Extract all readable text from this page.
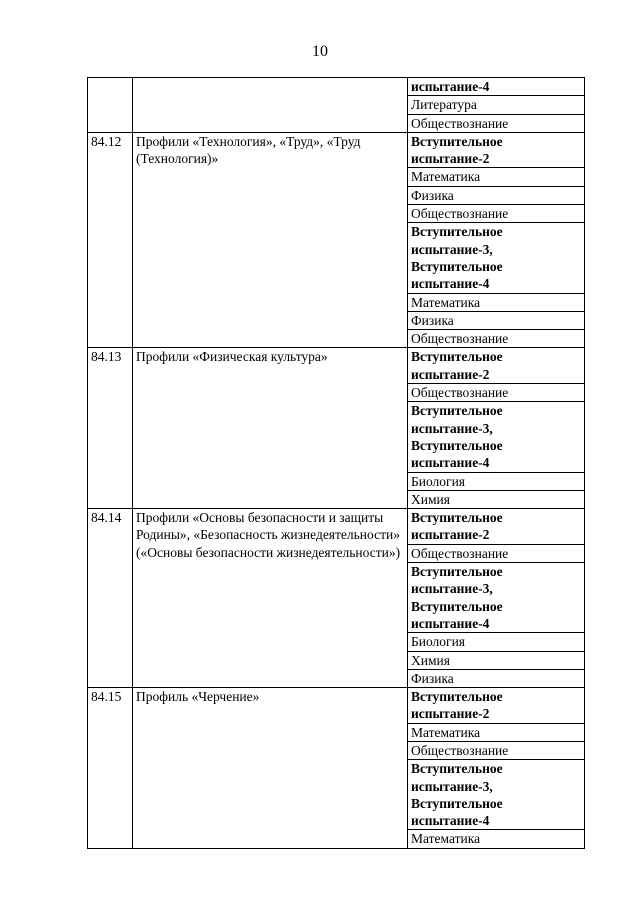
10
		испытание-4
		Литература
		Обществознание
84.12	Профили «Технология», «Труд», «Труд (Технология)»	Вступительное испытание-2
		Математика
		Физика
		Обществознание
		Вступительное испытание-3, Вступительное испытание-4
		Математика
		Физика
		Обществознание
84.13	Профили «Физическая культура»	Вступительное испытание-2
		Обществознание
		Вступительное испытание-3, Вступительное испытание-4
		Биология
		Химия
84.14	Профили «Основы безопасности и защиты Родины», «Безопасность жизнедеятельности» («Основы безопасности жизнедеятельности»)	Вступительное испытание-2
		Обществознание
		Вступительное испытание-3, Вступительное испытание-4
		Биология
		Химия
		Физика
84.15	Профиль «Черчение»	Вступительное испытание-2
		Математика
		Обществознание
		Вступительное испытание-3, Вступительное испытание-4
		Математика
